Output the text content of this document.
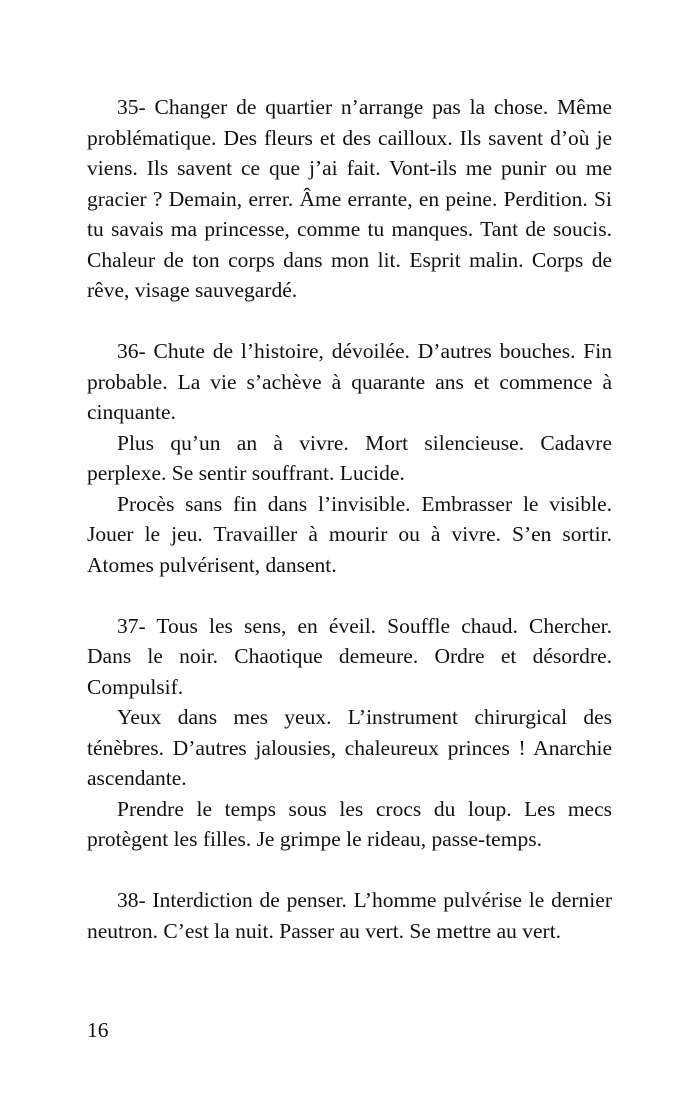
35- Changer de quartier n’arrange pas la chose. Même problématique. Des fleurs et des cailloux. Ils savent d’où je viens. Ils savent ce que j’ai fait. Vont-ils me punir ou me gracier ? Demain, errer. Âme errante, en peine. Perdition. Si tu savais ma princesse, comme tu manques. Tant de soucis. Chaleur de ton corps dans mon lit. Esprit malin. Corps de rêve, visage sauvegardé.

36- Chute de l’histoire, dévoilée. D’autres bouches. Fin probable. La vie s’achève à quarante ans et commence à cinquante.

Plus qu’un an à vivre. Mort silencieuse. Cadavre perplexe. Se sentir souffrant. Lucide.

Procès sans fin dans l’invisible. Embrasser le visible. Jouer le jeu. Travailler à mourir ou à vivre. S’en sortir. Atomes pulvérisent, dansent.

37- Tous les sens, en éveil. Souffle chaud. Chercher. Dans le noir. Chaotique demeure. Ordre et désordre. Compulsif.

Yeux dans mes yeux. L’instrument chirurgical des ténèbres. D’autres jalousies, chaleureux princes ! Anarchie ascendante.

Prendre le temps sous les crocs du loup. Les mecs protègent les filles. Je grimpe le rideau, passe-temps.

38- Interdiction de penser. L’homme pulvérise le dernier neutron. C’est la nuit. Passer au vert. Se mettre au vert.

16
